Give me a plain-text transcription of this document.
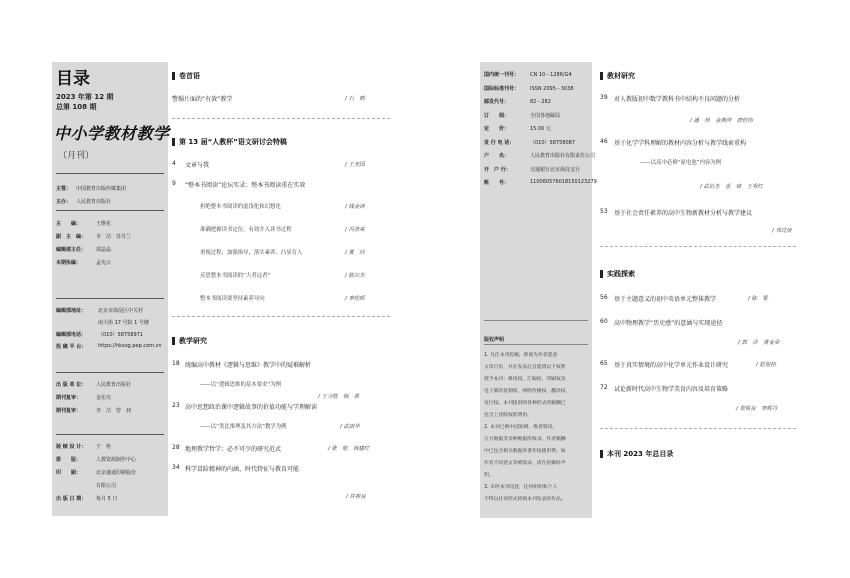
目录
2023 年第 12 期
总第 108 期
中小学教材教学
（月刊）
主管： 中国教育出版传媒集团
主办： 人民教育出版社
主　　编：	王维花
副　主　编： 李　洁　苏丹兰
编辑部主任： 郭晶晶
本期执编：	孟宪云
编辑部地址： 北京市海淀区中关村
南大街 17 号院 1 号楼
编辑部电话： （010）58758971
投 稿 平 台： https://hkxsg.pep.com.cn
出 版 单 位： 人民教育出版社
期刊复审：	金宏亮
期刊复审：	李　洁　曾　昶
装 帧 设 计： 于　艳
排　　版：	人教资源制作中心
印　　刷：	北京盛通印刷股份
有限公司
出 版 日 期： 每月 5 日
卷首语
警惕片面的“有效”教学	/ 石　鸥
第 13 届“人教杯”语文研讨会特稿
4 文章与我	/ 王光国
9 “整本书阅读”论坛实录：整本书阅读重在实效
担绝整本书阅读的虚浅化和幻想化	/ 钱金涛
准确把握读书定位，有效介入读书过程	/ 冯善亮
重视过程，加强指导，落实素养，凸显育人	/ 贾　玲
反思整本书阅读的“大者远者”	/ 陈尔杰
整本书阅读要坚持素养导向	/ 李煜晖
教学研究
18 统编高中教材《逻辑与思维》教学中的疑难解析
——以“逻辑思维的基本要求”为例
/ 王习胜　杨　希
23 高中思想政治课中逻辑故事的价值功能与学理解读
——以“类比推理及其方法”教学为例	/ 武雨华
28 地理教学哲学：必不可少的研究范式	/ 张　航　杨建红
34 科学冒险精神的内涵、时代特征与教育可能
/ 许春良
国内统一刊号： CN 10－1286/G4
国际标准刊号： ISSN 2095－3038
邮发代号：	82－282
订　　阅：	全国各地邮局
定　　价：	15.00 元
发 行 电 话：	（010）58758087
户　　名：	人民教育出版社有限责任公司
开　户 行：	交通银行北京海淀支行
账　　号：	110060576018150123279
版权声明
1. 凡任本刊投稿，即视为作者愿意
文章自负，并在发表后自愿将以下权利
授予本刊：修改权、汇编权、印刷权及
电子版的复制权、网络传播权、翻译权、
发行权。本刊提供的各种形式的稿酬已
包含上述版权的费用。
2. 本刊已被中国知网、维普资讯、
万方数据等多种数据库收录。作者稿酬
中已包含相关数据库著作权使用费。如
作者不同意文章被收录，请在投稿时声
明。
3. 未经本刊同意，任何组织和个人
不得以任何形式转载本刊发表的作品。
教材研究
39 对人教版初中数学教科书中结构不良问题的分析
/ 潘　玥　金燕萍　唐恒钧
46 基于化学学科理解的教材内容分析与教学线索重构
——以高中必修“原电池”内容为例
/ 武衍杰　雷　琦　王秀红
53 基于社会责任素养的高中生物新教材分析与教学建议
/ 邓过房
实践探索
56 基于主题意义的初中英语单元整体教学	/ 陈　雯
60 高中物理教学“历史感”的意涵与实现途径
/ 郭　洋　黄金荣
65 基于真实情境的高中化学单元作业设计研究	/ 赵旭初
72 试论新时代高中生物学美育内容及培育策略
/ 莫俊良　李辉丹
本刊 2023 年总目录
